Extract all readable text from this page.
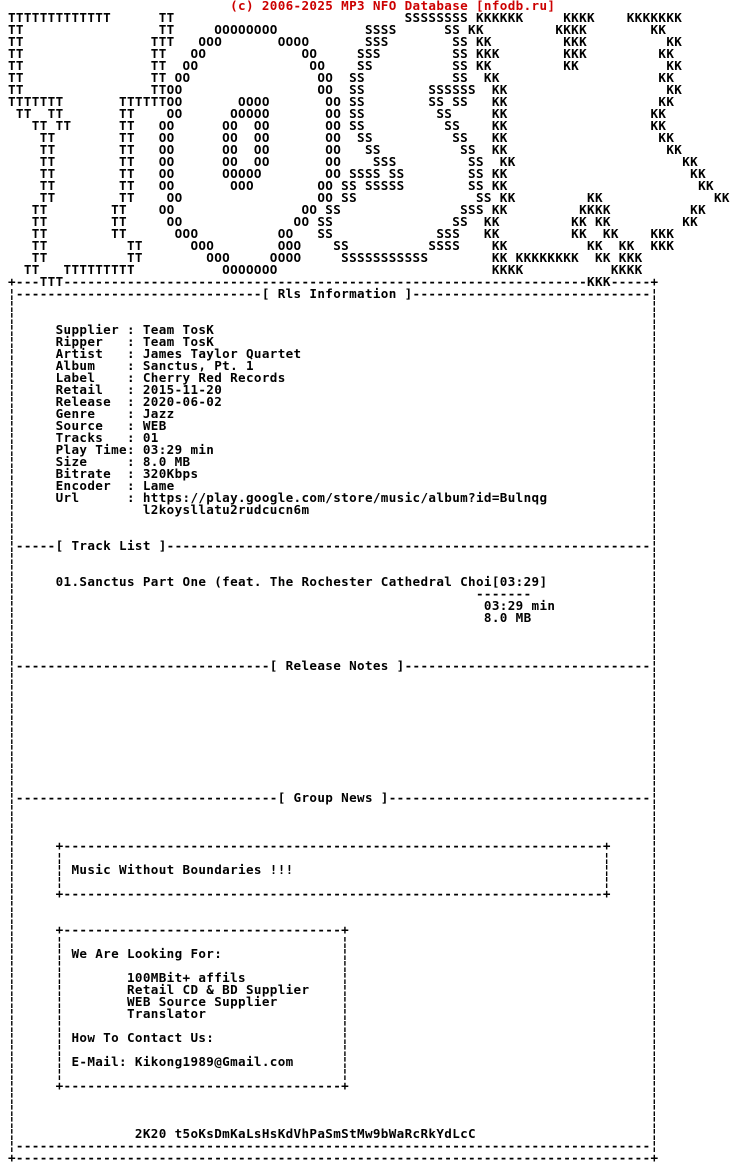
(c) 2006-2025 MP3 NFO Database [nfodb.ru]
TTTTTTTTTTTTT      TT                             SSSSSSSS KKKKKK     KKKK    KKKKKKK
TT                 TT     OOOOOOOO           SSSS      SS KK         KKKK        KK
TT                TTT   OOO       OOOO       SSS        SS KK         KKK          KK
TT                TT   OO            OO     SSS         SS KKK        KKK         KK
TT                TT  OO              OO    SS          SS KK         KK           KK
TT                TT OO                OO  SS           SS  KK                    KK
TT                TTOO                 OO  SS        SSSSSS  KK                    KK
TTTTTTT       TTTTTTOO       OOOO       OO SS        SS SS   KK                   KK
TT  TT       TT    OO      OOOOO       OO SS         SS     KK                  KK
TT TT      TT   OO      OO  OO       OO SS          SS    KK                  KK
TT        TT   OO      OO  OO       OO  SS          SS   KK                   KK
TT        TT   OO      OO  OO       OO   SS          SS  KK                    KK
TT        TT   OO      OO  OO       OO    SSS         SS  KK                     KK
TT        TT   OO      OOOOO        OO SSSS SS        SS KK                       KK
TT        TT   OO       OOO        OO SS SSSSS        SS KK                        KK
TT        TT    OO                 OO SS               SS KK         KK              KK
TT        TT    OO                OO SS               SSS KK         KKKK          KK
TT        TT     OO              OO SS               SS  KK         KK KK         KK
TT        TT      OOO          OO   SS             SSS   KK         KK  KK    KKK
TT          TT      OOO        OOO    SS          SSSS    KK          KK  KK  KKK
TT          TT        OOO     OOOO     SSSSSSSSSSS        KK KKKKKKKK  KK KKK
TT   TTTTTTTTT           OOOOOOO                           KKKK           KKKK
+---TTT------------------------------------------------------------------KKK-----+
¦-------------------------------[ Rls Information ]------------------------------¦
¦                                                                                ¦
¦                                                                                ¦
¦     Supplier : Team TosK                                                       ¦
¦     Ripper   : Team TosK                                                       ¦
¦     Artist   : James Taylor Quartet                                            ¦
¦     Album    : Sanctus, Pt. 1                                                  ¦
¦     Label    : Cherry Red Records                                              ¦
¦     Retail   : 2015-11-20                                                      ¦
¦     Release  : 2020-06-02                                                      ¦
¦     Genre    : Jazz                                                            ¦
¦     Source   : WEB                                                             ¦
¦     Tracks   : 01                                                              ¦
¦     Play Time: 03:29 min                                                       ¦
¦     Size     : 8.0 MB                                                          ¦
¦     Bitrate  : 320Kbps                                                         ¦
¦     Encoder  : Lame                                                            ¦
¦     Url      : https://play.google.com/store/music/album?id=Bulnqg             ¦
¦                l2koysllatu2rudcucn6m                                           ¦
¦                                                                                ¦
¦                                                                                ¦
¦-----[ Track List ]-------------------------------------------------------------¦
¦                                                                                ¦
¦                                                                                ¦
¦     01.Sanctus Part One (feat. The Rochester Cathedral Choi[03:29]             ¦
¦                                                          -------               ¦
¦                                                           03:29 min            ¦
¦                                                           8.0 MB               ¦
¦                                                                                ¦
¦                                                                                ¦
¦                                                                                ¦
¦--------------------------------[ Release Notes ]-------------------------------¦
¦                                                                                ¦
¦                                                                                ¦
¦                                                                                ¦
¦                                                                                ¦
¦                                                                                ¦
¦                                                                                ¦
¦                                                                                ¦
¦                                                                                ¦
¦                                                                                ¦
¦                                                                                ¦
¦---------------------------------[ Group News ]---------------------------------¦
¦                                                                                ¦
¦                                                                                ¦
¦                                                                                ¦
¦     +--------------------------------------------------------------------+     ¦
¦     ¦                                                                    ¦     ¦
¦     ¦ Music Without Boundaries !!!                                       ¦     ¦
¦     ¦                                                                    ¦     ¦
¦     +--------------------------------------------------------------------+     ¦
¦                                                                                ¦
¦                                                                                ¦
¦     +-----------------------------------+                                      ¦
¦     ¦                                   ¦                                      ¦
¦     ¦ We Are Looking For:               ¦                                      ¦
¦     ¦                                   ¦                                      ¦
¦     ¦        100MBit+ affils            ¦                                      ¦
¦     ¦        Retail CD & BD Supplier    ¦                                      ¦
¦     ¦        WEB Source Supplier        ¦                                      ¦
¦     ¦        Translator                 ¦                                      ¦
¦     ¦                                   ¦                                      ¦
¦     ¦ How To Contact Us:                ¦                                      ¦
¦     ¦                                   ¦                                      ¦
¦     ¦ E-Mail: Kikong1989@Gmail.com      ¦                                      ¦
¦     ¦                                   ¦                                      ¦
¦     +-----------------------------------+                                      ¦
¦                                                                                ¦
¦                                                                                ¦
¦                                                                                ¦
¦               2K20 t5oKsDmKaLsHsKdVhPaSmStMw9bWaRcRkYdLcC                      ¦
¦--------------------------------------------------------------------------------¦
+--------------------------------------------------------------------------------+
